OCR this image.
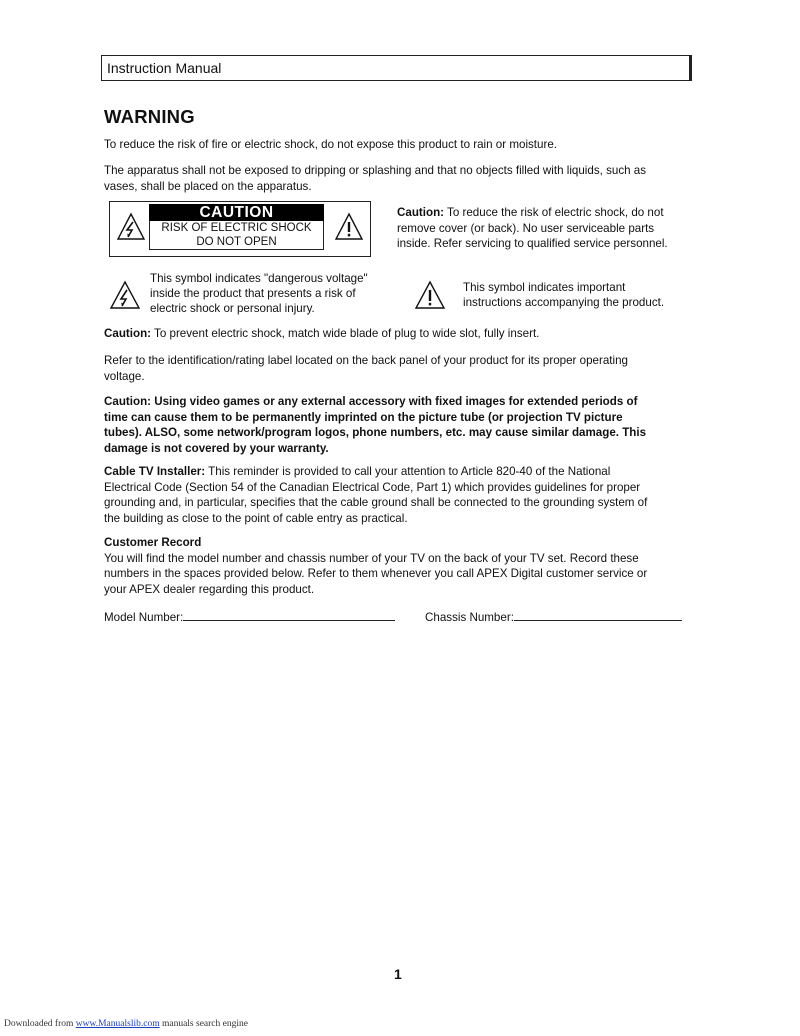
Instruction Manual
WARNING
To reduce the risk of fire or electric shock, do not expose this product to rain or moisture.
The apparatus shall not be exposed to dripping or splashing and that no objects filled with liquids, such as
vases, shall be placed on the apparatus.
CAUTION
RISK OF ELECTRIC SHOCK
DO NOT OPEN
Caution: To reduce the risk of electric shock, do not
remove cover (or back). No user serviceable parts
inside. Refer servicing to qualified service personnel.
This symbol indicates "dangerous voltage"
inside the product that presents a risk of
electric shock or personal injury.
This symbol indicates important
instructions accompanying the product.
Caution: To prevent electric shock, match wide blade of plug to wide slot, fully insert.
Refer to the identification/rating label located on the back panel of your product for its proper operating
voltage.
Caution: Using video games or any external accessory with fixed images for extended periods of
time can cause them to be permanently imprinted on the picture tube (or projection TV picture
tubes). ALSO, some network/program logos, phone numbers, etc. may cause similar damage. This
damage is not covered by your warranty.
Cable TV Installer: This reminder is provided to call your attention to Article 820-40 of the National
Electrical Code (Section 54 of the Canadian Electrical Code, Part 1) which provides guidelines for proper
grounding and, in particular, specifies that the cable ground shall be connected to the grounding system of
the building as close to the point of cable entry as practical.
Customer Record
You will find the model number and chassis number of your TV on the back of your TV set. Record these
numbers in the spaces provided below. Refer to them whenever you call APEX Digital customer service or
your APEX dealer regarding this product.
Model Number:	Chassis Number:
1
Downloaded from www.Manualslib.com manuals search engine
